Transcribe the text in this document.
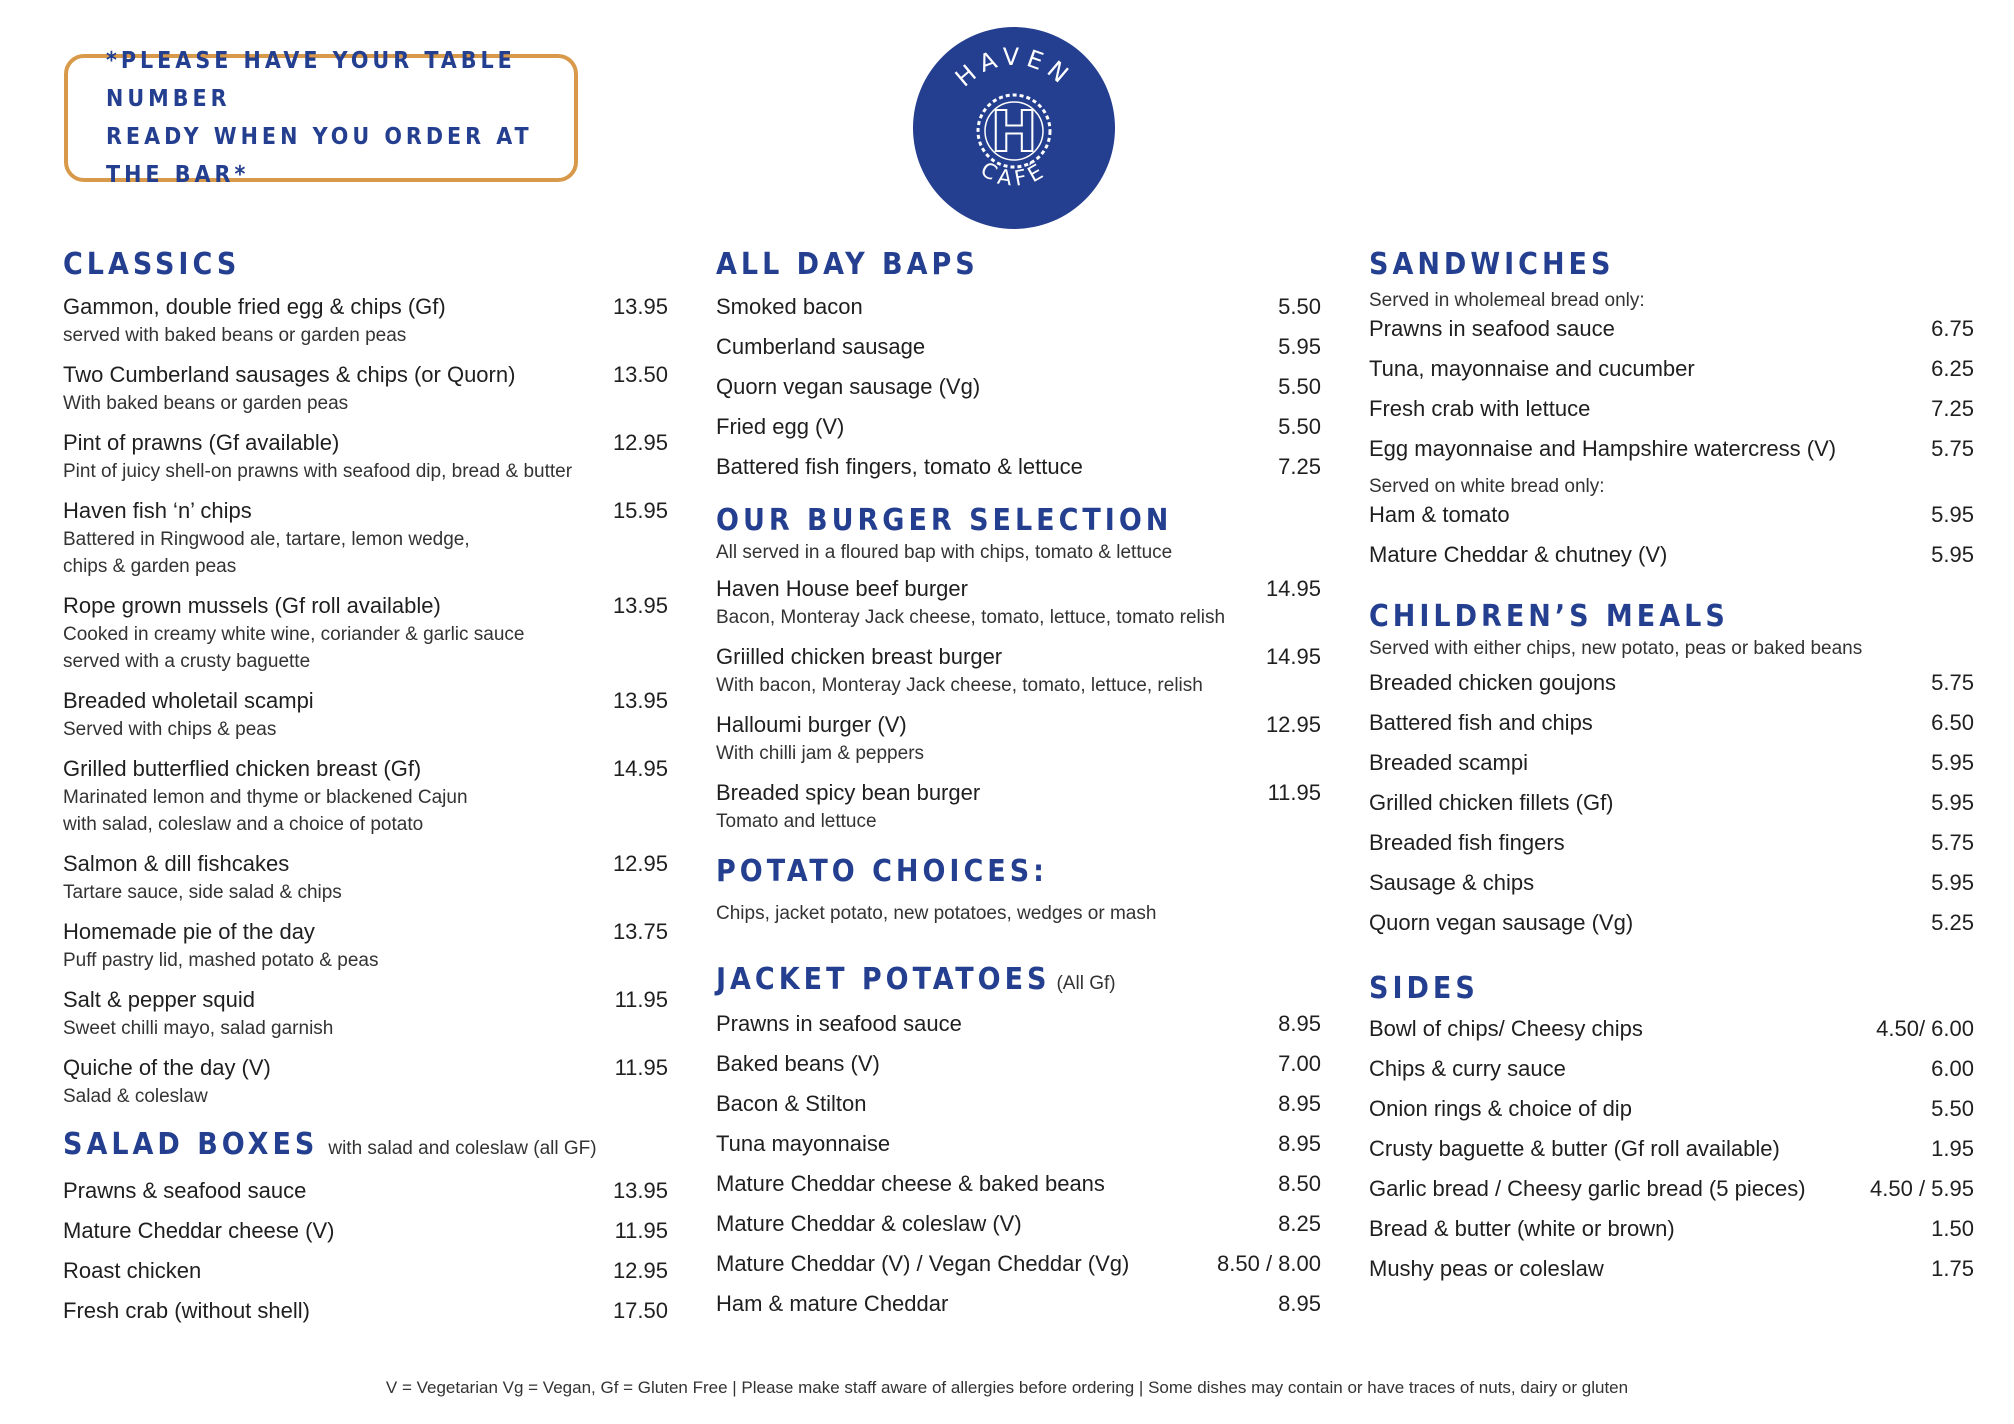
*PLEASE HAVE YOUR TABLE NUMBER
READY WHEN YOU ORDER AT THE BAR*
HAVEN
CAFÉ
H
CLASSICS
Gammon, double fried egg & chips (Gf)	13.95
served with baked beans or garden peas
Two Cumberland sausages & chips (or Quorn)	13.50
With baked beans or garden peas
Pint of prawns (Gf available)	12.95
Pint of juicy shell-on prawns with seafood dip, bread & butter
Haven fish ‘n’ chips	15.95
Battered in Ringwood ale, tartare, lemon wedge,
chips & garden peas
Rope grown mussels (Gf roll available)	13.95
Cooked in creamy white wine, coriander & garlic sauce
served with a crusty baguette
Breaded wholetail scampi	13.95
Served with chips & peas
Grilled butterflied chicken breast (Gf)	14.95
Marinated lemon and thyme or blackened Cajun
with salad, coleslaw and a choice of potato
Salmon & dill fishcakes	12.95
Tartare sauce, side salad & chips
Homemade pie of the day	13.75
Puff pastry lid, mashed potato & peas
Salt & pepper squid	11.95
Sweet chilli mayo, salad garnish
Quiche of the day (V)	11.95
Salad & coleslaw
SALAD BOXES with salad and coleslaw (all GF)
Prawns & seafood sauce	13.95
Mature Cheddar cheese (V)	11.95
Roast chicken	12.95
Fresh crab (without shell)	17.50
ALL DAY BAPS
Smoked bacon	5.50
Cumberland sausage	5.95
Quorn vegan sausage (Vg)	5.50
Fried egg (V)	5.50
Battered fish fingers, tomato & lettuce	7.25
OUR BURGER SELECTION

All served in a floured bap with chips, tomato & lettuce

Haven House beef burger	14.95
Bacon, Monteray Jack cheese, tomato, lettuce, tomato relish
Griilled chicken breast burger	14.95
With bacon, Monteray Jack cheese, tomato, lettuce, relish
Halloumi burger (V)	12.95
With chilli jam & peppers
Breaded spicy bean burger	11.95
Tomato and lettuce
POTATO CHOICES:

Chips, jacket potato, new potatoes, wedges or mash

JACKET POTATOES (All Gf)
Prawns in seafood sauce	8.95
Baked beans (V)	7.00
Bacon & Stilton	8.95
Tuna mayonnaise	8.95
Mature Cheddar cheese & baked beans	8.50
Mature Cheddar & coleslaw (V)	8.25
Mature Cheddar (V) / Vegan Cheddar (Vg)	8.50 / 8.00
Ham & mature Cheddar	8.95
SANDWICHES

Served in wholemeal bread only:

Prawns in seafood sauce	6.75
Tuna, mayonnaise and cucumber	6.25
Fresh crab with lettuce	7.25
Egg mayonnaise and Hampshire watercress (V)	5.75

Served on white bread only:

Ham & tomato	5.95
Mature Cheddar & chutney (V)	5.95
CHILDREN’S MEALS

Served with either chips, new potato, peas or baked beans

Breaded chicken goujons	5.75
Battered fish and chips	6.50
Breaded scampi	5.95
Grilled chicken fillets (Gf)	5.95
Breaded fish fingers	5.75
Sausage & chips	5.95
Quorn vegan sausage (Vg)	5.25
SIDES
Bowl of chips/ Cheesy chips	4.50/ 6.00
Chips & curry sauce	6.00
Onion rings & choice of dip	5.50
Crusty baguette & butter (Gf roll available)	1.95
Garlic bread / Cheesy garlic bread (5 pieces)	4.50 / 5.95
Bread & butter (white or brown)	1.50
Mushy peas or coleslaw	1.75
V = Vegetarian Vg = Vegan, Gf = Gluten Free | Please make staff aware of allergies before ordering | Some dishes may contain or have traces of nuts, dairy or gluten
